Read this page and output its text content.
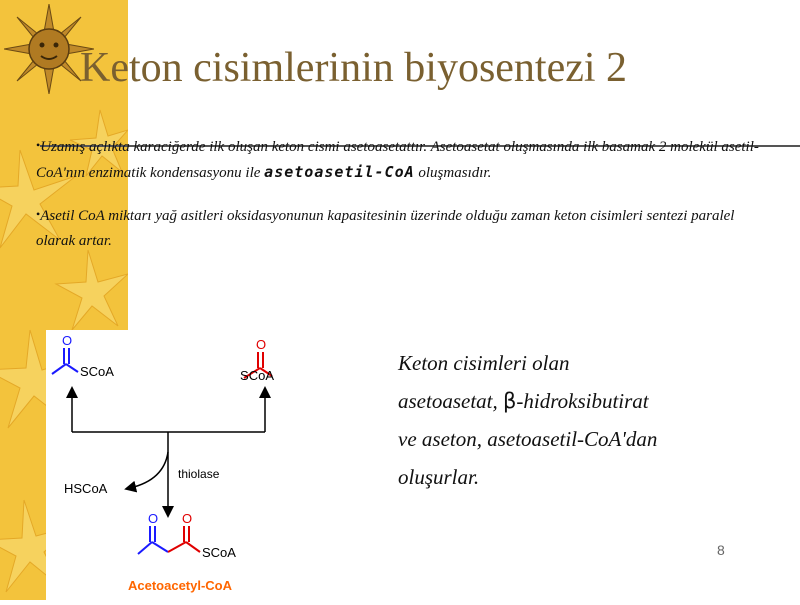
Keton cisimlerinin biyosentezi 2

•Uzamış açlıkta karaciğerde ilk oluşan keton cismi asetoasetattır. Asetoasetat oluşmasında ilk basamak 2 molekül asetil-CoA'nın enzimatik kondensasyonu ile asetoasetil-CoA oluşmasıdır.

•Asetil CoA miktarı yağ asitleri oksidasyonunun kapasitesinin üzerinde olduğu zaman keton cisimleri sentezi paralel olarak artar.

O
SCoA
O
SCoA
thiolase
HSCoA
O O
SCoA
Acetoacetyl-CoA
Keton cisimleri olan
asetoasetat, β-hidroksibutirat
ve aseton, asetoasetil-CoA'dan
oluşurlar.
8
